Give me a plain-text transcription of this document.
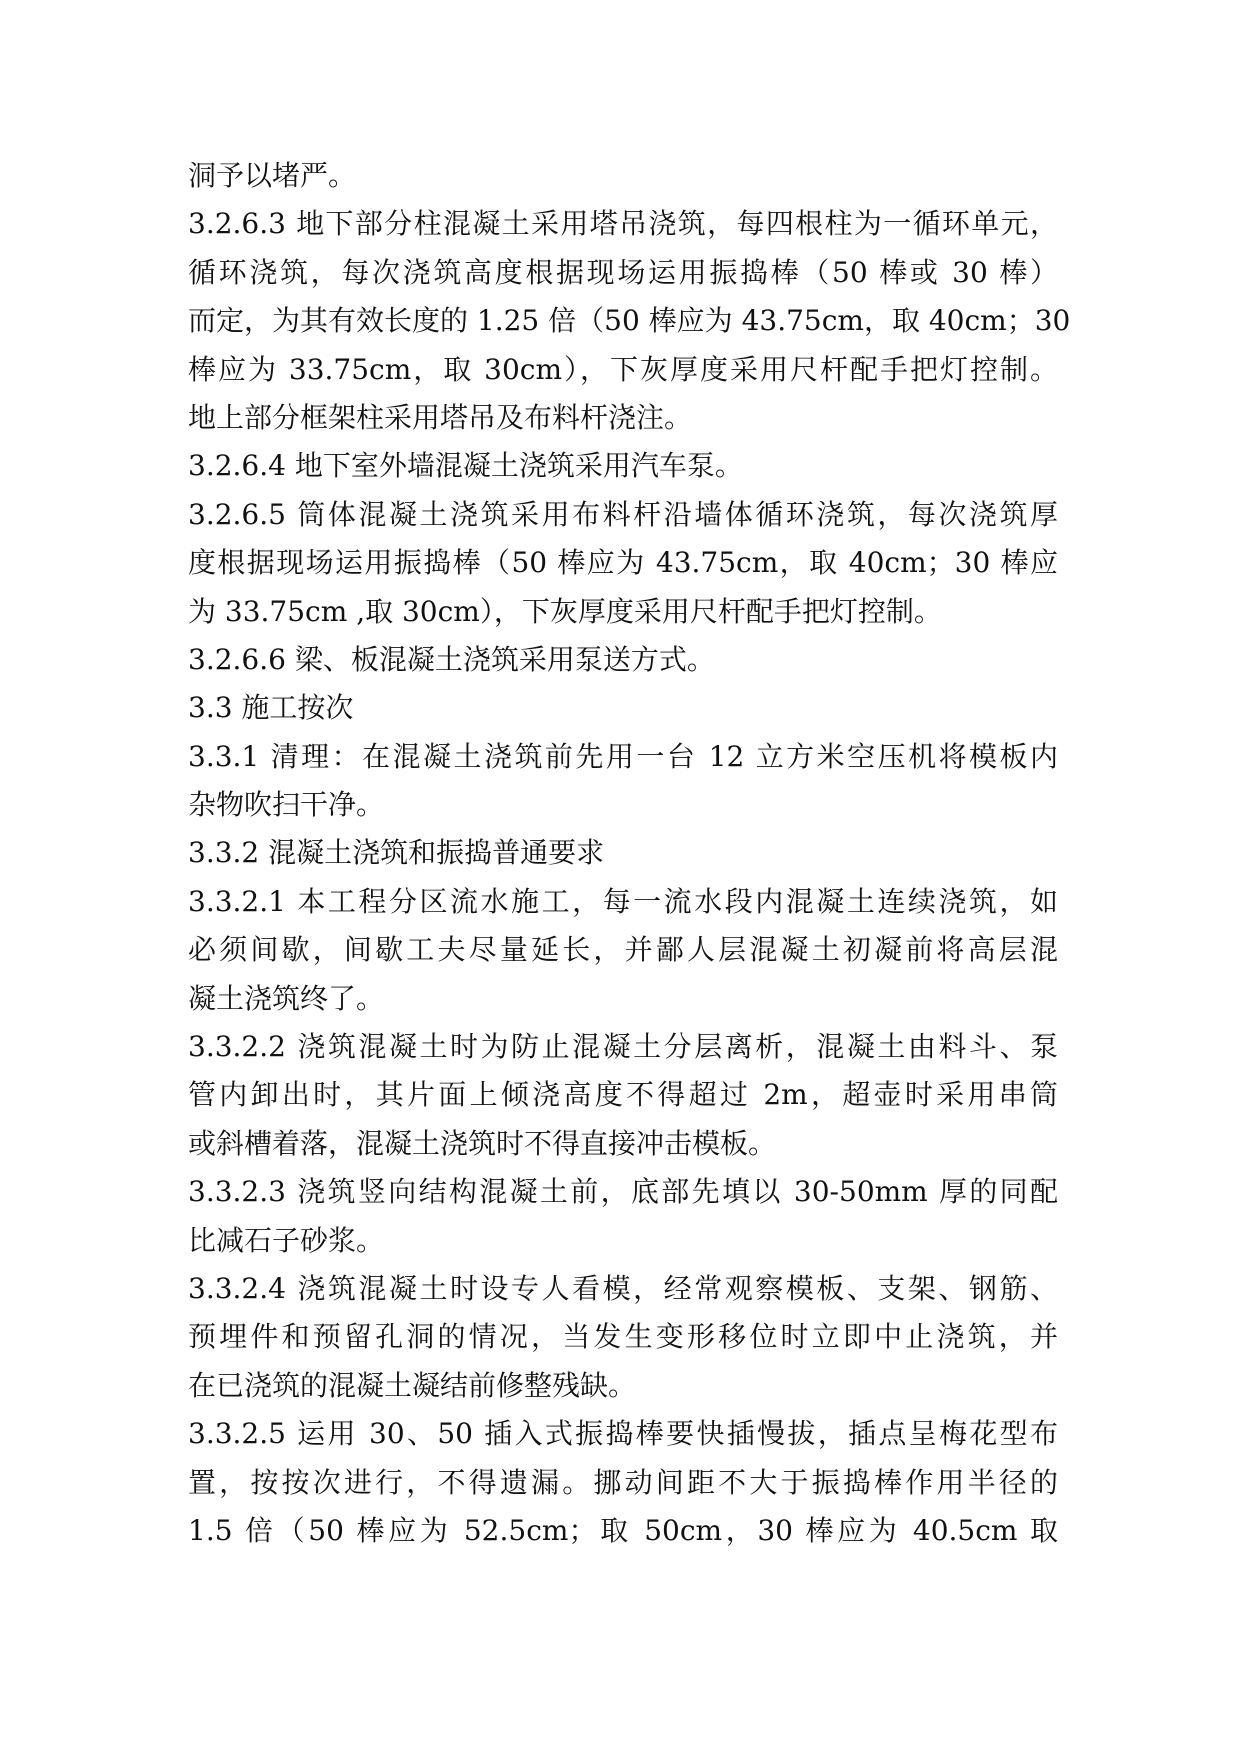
洞予以堵严。
3.2.6.3 地下部分柱混凝土采用塔吊浇筑，每四根柱为一循环单元，
循环浇筑，每次浇筑高度根据现场运用振捣棒（50 棒或 30 棒）
而定，为其有效长度的 1.25 倍（50 棒应为 43.75cm，取 40cm；30
棒应为 33.75cm，取 30cm），下灰厚度采用尺杆配手把灯控制。
地上部分框架柱采用塔吊及布料杆浇注。
3.2.6.4 地下室外墙混凝土浇筑采用汽车泵。
3.2.6.5 筒体混凝土浇筑采用布料杆沿墙体循环浇筑，每次浇筑厚
度根据现场运用振捣棒（50 棒应为 43.75cm，取 40cm；30 棒应
为 33.75cm ,取 30cm），下灰厚度采用尺杆配手把灯控制。
3.2.6.6 梁、板混凝土浇筑采用泵送方式。
3.3 施工按次
3.3.1 清理：在混凝土浇筑前先用一台 12 立方米空压机将模板内
杂物吹扫干净。
3.3.2 混凝土浇筑和振捣普通要求
3.3.2.1 本工程分区流水施工，每一流水段内混凝土连续浇筑，如
必须间歇，间歇工夫尽量延长，并鄙人层混凝土初凝前将高层混
凝土浇筑终了。
3.3.2.2 浇筑混凝土时为防止混凝土分层离析，混凝土由料斗、泵
管内卸出时，其片面上倾浇高度不得超过 2m，超壶时采用串筒
或斜槽着落，混凝土浇筑时不得直接冲击模板。
3.3.2.3 浇筑竖向结构混凝土前，底部先填以 30-50mm 厚的同配
比减石子砂浆。
3.3.2.4 浇筑混凝土时设专人看模，经常观察模板、支架、钢筋、
预埋件和预留孔洞的情况，当发生变形移位时立即中止浇筑，并
在已浇筑的混凝土凝结前修整残缺。
3.3.2.5 运用 30、50 插入式振捣棒要快插慢拔，插点呈梅花型布
置，按按次进行，不得遗漏。挪动间距不大于振捣棒作用半径的
1.5 倍（50 棒应为 52.5cm；取 50cm，30 棒应为 40.5cm 取
